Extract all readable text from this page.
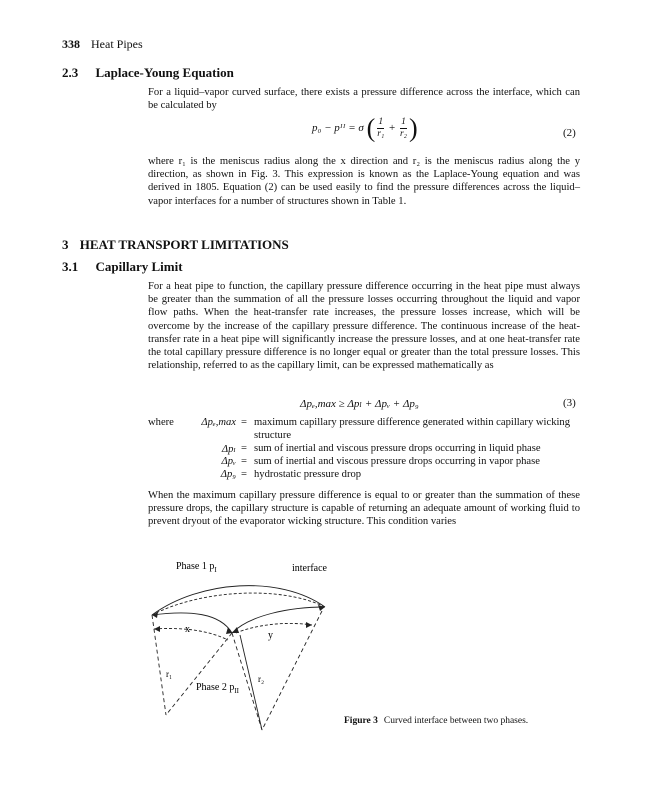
338 Heat Pipes
2.3 Laplace-Young Equation

For a liquid–vapor curved surface, there exists a pressure difference across the interface, which can be calculated by

p₀ − pᴵᴵ = σ ( $\frac{1}{\text{r₁}} + \frac{1}{\text{r₂}}$ )	(2)

where r₁ is the meniscus radius along the x direction and r₂ is the meniscus radius along the y direction, as shown in Fig. 3. This expression is known as the Laplace-Young equation and was derived in 1805. Equation (2) can be used easily to find the pressure differences across the liquid–vapor interfaces for a number of structures shown in Table 1.

3 HEAT TRANSPORT LIMITATIONS
3.1 Capillary Limit

For a heat pipe to function, the capillary pressure difference occurring in the heat pipe must always be greater than the summation of all the pressure losses occurring throughout the liquid and vapor flow paths. When the heat-transfer rate increases, the pressure losses increase, which will be overcome by the increase of the capillary pressure difference. The continuous increase of the heat-transfer rate in a heat pipe will significantly increase the pressure losses, and at one heat-transfer rate the total capillary pressure difference is no longer equal or greater than the total pressure losses. This relationship, referred to as the capillary limit, can be expressed mathematically as

Δpₑ,max ≥ Δpₗ + Δpᵥ + Δp₉	(3)
where	Δpₑ,max = maximum capillary pressure difference generated within capillary wicking
structure
Δpₗ = sum of inertial and viscous pressure drops occurring in liquid phase
Δpᵥ = sum of inertial and viscous pressure drops occurring in vapor phase
Δp₉ = hydrostatic pressure drop

When the maximum capillary pressure difference is equal to or greater than the summation of these pressure drops, the capillary structure is capable of returning an adequate amount of working fluid to prevent dryout of the evaporator wicking structure. This condition varies

Phase 1 $p_I$	interface
x
y
r₁	r₂
Phase 2 $p_{II}$
Figure 3 Curved interface between two phases.
